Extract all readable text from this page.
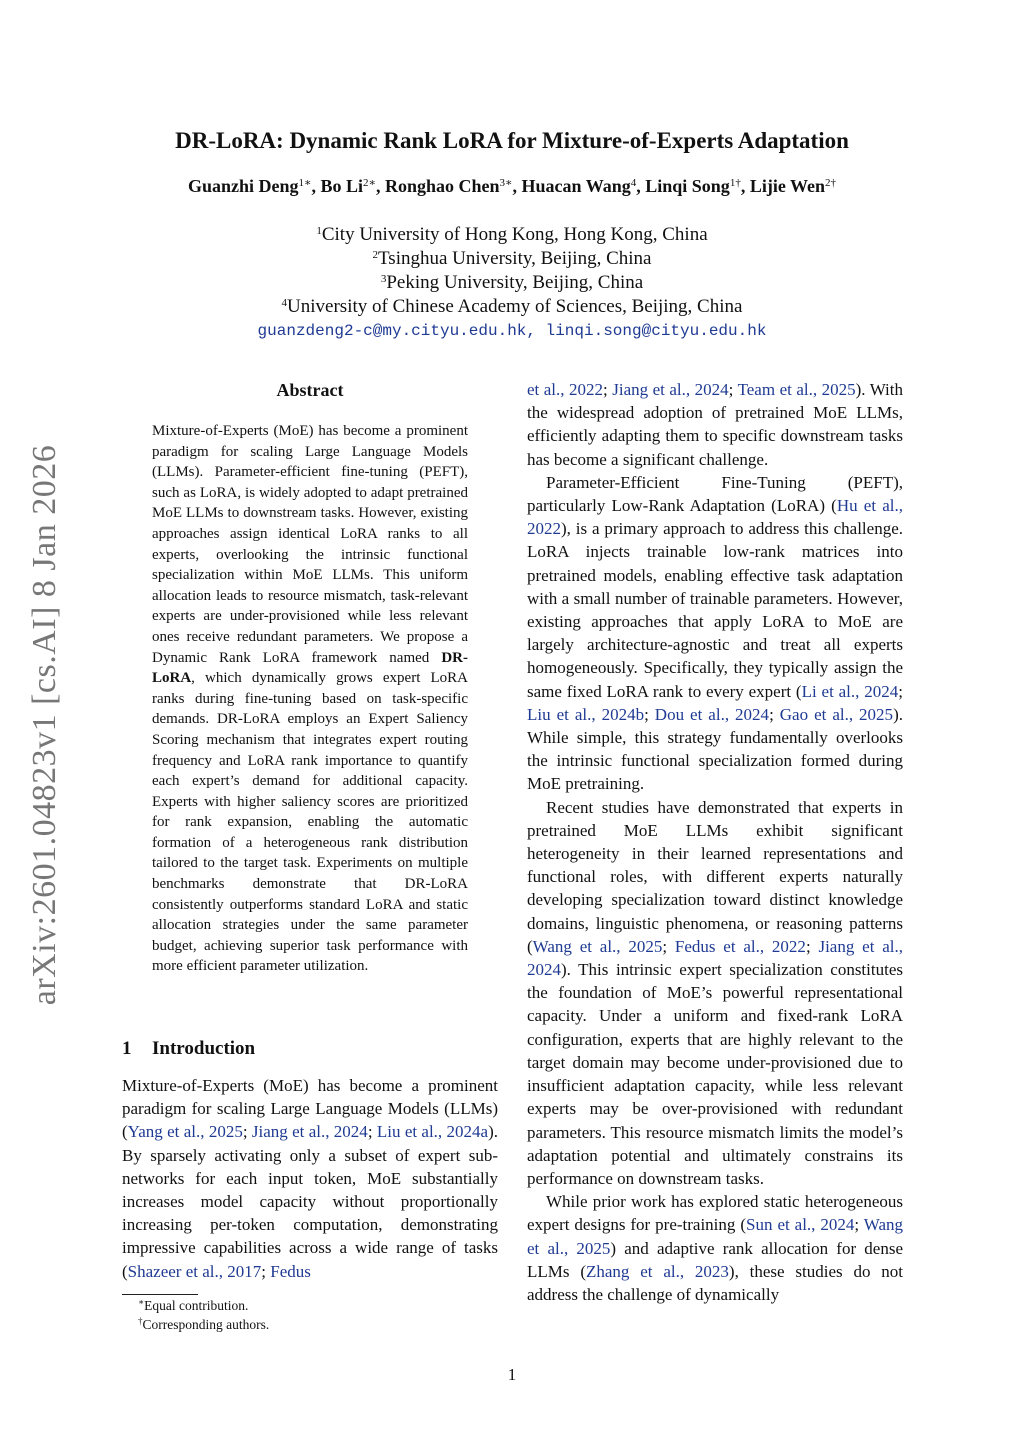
DR-LoRA: Dynamic Rank LoRA for Mixture-of-Experts Adaptation
Guanzhi Deng$^{1∗}$, Bo $Li^{2∗}$, Ronghao Chen$^{3∗}$, Huacan Wang$^4$, Linqi Song$^{1\dagger}$, Lijie Wen$^{2\dagger}$
$^1$City University of Hong Kong, Hong Kong, China
$^2$Tsinghua University, Beijing, China
$^3$Peking University, Beijing, China
$^4$University of Chinese Academy of Sciences, Beijing, China
guanzdeng2-c@my.cityu.edu.hk, linqi.song@cityu.edu.hk
arXiv:2601.04823v1 [cs.AI] 8 Jan 2026
Abstract

Mixture-of-Experts (MoE) has become a prominent paradigm for scaling Large Language Models (LLMs). Parameter-efficient fine-tuning (PEFT), such as LoRA, is widely adopted to adapt pretrained MoE LLMs to downstream tasks. However, existing approaches assign identical LoRA ranks to all experts, overlooking the intrinsic functional specialization within MoE LLMs. This uniform allocation leads to resource mismatch, task-relevant experts are under-provisioned while less relevant ones receive redundant parameters. We propose a Dynamic Rank LoRA framework named DR-LoRA, which dynamically grows expert LoRA ranks during fine-tuning based on task-specific demands. DR-LoRA employs an Expert Saliency Scoring mechanism that integrates expert routing frequency and LoRA rank importance to quantify each expert’s demand for additional capacity. Experts with higher saliency scores are prioritized for rank expansion, enabling the automatic formation of a heterogeneous rank distribution tailored to the target task. Experiments on multiple benchmarks demonstrate that DR-LoRA consistently outperforms standard LoRA and static allocation strategies under the same parameter budget, achieving superior task performance with more efficient parameter utilization.

1 Introduction

Mixture-of-Experts (MoE) has become a prominent paradigm for scaling Large Language Models (LLMs) (Yang et al., 2025; Jiang et al., 2024; Liu et al., 2024a). By sparsely activating only a subset of expert sub-networks for each input token, MoE substantially increases model capacity without proportionally increasing per-token computation, demonstrating impressive capabilities across a wide range of tasks (Shazeer et al., 2017; Fedus

et al., 2022; Jiang et al., 2024; Team et al., 2025). With the widespread adoption of pretrained MoE LLMs, efficiently adapting them to specific downstream tasks has become a significant challenge.

Parameter-Efficient Fine-Tuning (PEFT), particularly Low-Rank Adaptation (LoRA) (Hu et al., 2022), is a primary approach to address this challenge. LoRA injects trainable low-rank matrices into pretrained models, enabling effective task adaptation with a small number of trainable parameters. However, existing approaches that apply LoRA to MoE are largely architecture-agnostic and treat all experts homogeneously. Specifically, they typically assign the same fixed LoRA rank to every expert (Li et al., 2024; Liu et al., 2024b; Dou et al., 2024; Gao et al., 2025). While simple, this strategy fundamentally overlooks the intrinsic functional specialization formed during MoE pretraining.

Recent studies have demonstrated that experts in pretrained MoE LLMs exhibit significant heterogeneity in their learned representations and functional roles, with different experts naturally developing specialization toward distinct knowledge domains, linguistic phenomena, or reasoning patterns (Wang et al., 2025; Fedus et al., 2022; Jiang et al., 2024). This intrinsic expert specialization constitutes the foundation of MoE’s powerful representational capacity. Under a uniform and fixed-rank LoRA configuration, experts that are highly relevant to the target domain may become under-provisioned due to insufficient adaptation capacity, while less relevant experts may be over-provisioned with redundant parameters. This resource mismatch limits the model’s adaptation potential and ultimately constrains its performance on downstream tasks.

While prior work has explored static heterogeneous expert designs for pre-training (Sun et al., 2024; Wang et al., 2025) and adaptive rank allocation for dense LLMs (Zhang et al., 2023), these studies do not address the challenge of dynamically

∗Equal contribution.
†Corresponding authors.
1
